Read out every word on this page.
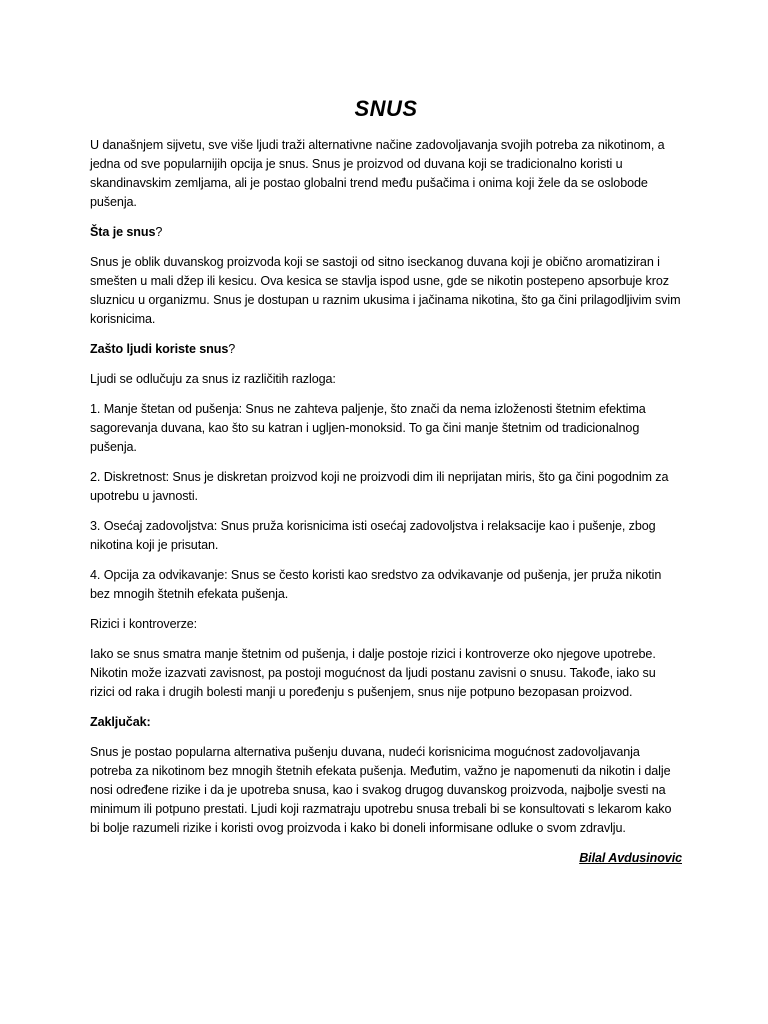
SNUS

U današnjem sijvetu, sve više ljudi traži alternativne načine zadovoljavanja svojih potreba za nikotinom, a jedna od sve popularnijih opcija je snus. Snus je proizvod od duvana koji se tradicionalno koristi u skandinavskim zemljama, ali je postao globalni trend među pušačima i onima koji žele da se oslobode pušenja.

Šta je snus?

Snus je oblik duvanskog proizvoda koji se sastoji od sitno iseckanog duvana koji je obično aromatiziran i smešten u mali džep ili kesicu. Ova kesica se stavlja ispod usne, gde se nikotin postepeno apsorbuje kroz sluznicu u organizmu. Snus je dostupan u raznim ukusima i jačinama nikotina, što ga čini prilagodljivim svim korisnicima.

Zašto ljudi koriste snus?

Ljudi se odlučuju za snus iz različitih razloga:

1. Manje štetan od pušenja: Snus ne zahteva paljenje, što znači da nema izloženosti štetnim efektima sagorevanja duvana, kao što su katran i ugljen-monoksid. To ga čini manje štetnim od tradicionalnog pušenja.

2. Diskretnost: Snus je diskretan proizvod koji ne proizvodi dim ili neprijatan miris, što ga čini pogodnim za upotrebu u javnosti.

3. Osećaj zadovoljstva: Snus pruža korisnicima isti osećaj zadovoljstva i relaksacije kao i pušenje, zbog nikotina koji je prisutan.

4. Opcija za odvikavanje: Snus se često koristi kao sredstvo za odvikavanje od pušenja, jer pruža nikotin bez mnogih štetnih efekata pušenja.

Rizici i kontroverze:

Iako se snus smatra manje štetnim od pušenja, i dalje postoje rizici i kontroverze oko njegove upotrebe. Nikotin može izazvati zavisnost, pa postoji mogućnost da ljudi postanu zavisni o snusu. Takođe, iako su rizici od raka i drugih bolesti manji u poređenju s pušenjem, snus nije potpuno bezopasan proizvod.

Zaključak:

Snus je postao popularna alternativa pušenju duvana, nudeći korisnicima mogućnost zadovoljavanja potreba za nikotinom bez mnogih štetnih efekata pušenja. Međutim, važno je napomenuti da nikotin i dalje nosi određene rizike i da je upotreba snusa, kao i svakog drugog duvanskog proizvoda, najbolje svesti na minimum ili potpuno prestati. Ljudi koji razmatraju upotrebu snusa trebali bi se konsultovati s lekarom kako bi bolje razumeli rizike i koristi ovog proizvoda i kako bi doneli informisane odluke o svom zdravlju.

Bilal Avdusinovic
